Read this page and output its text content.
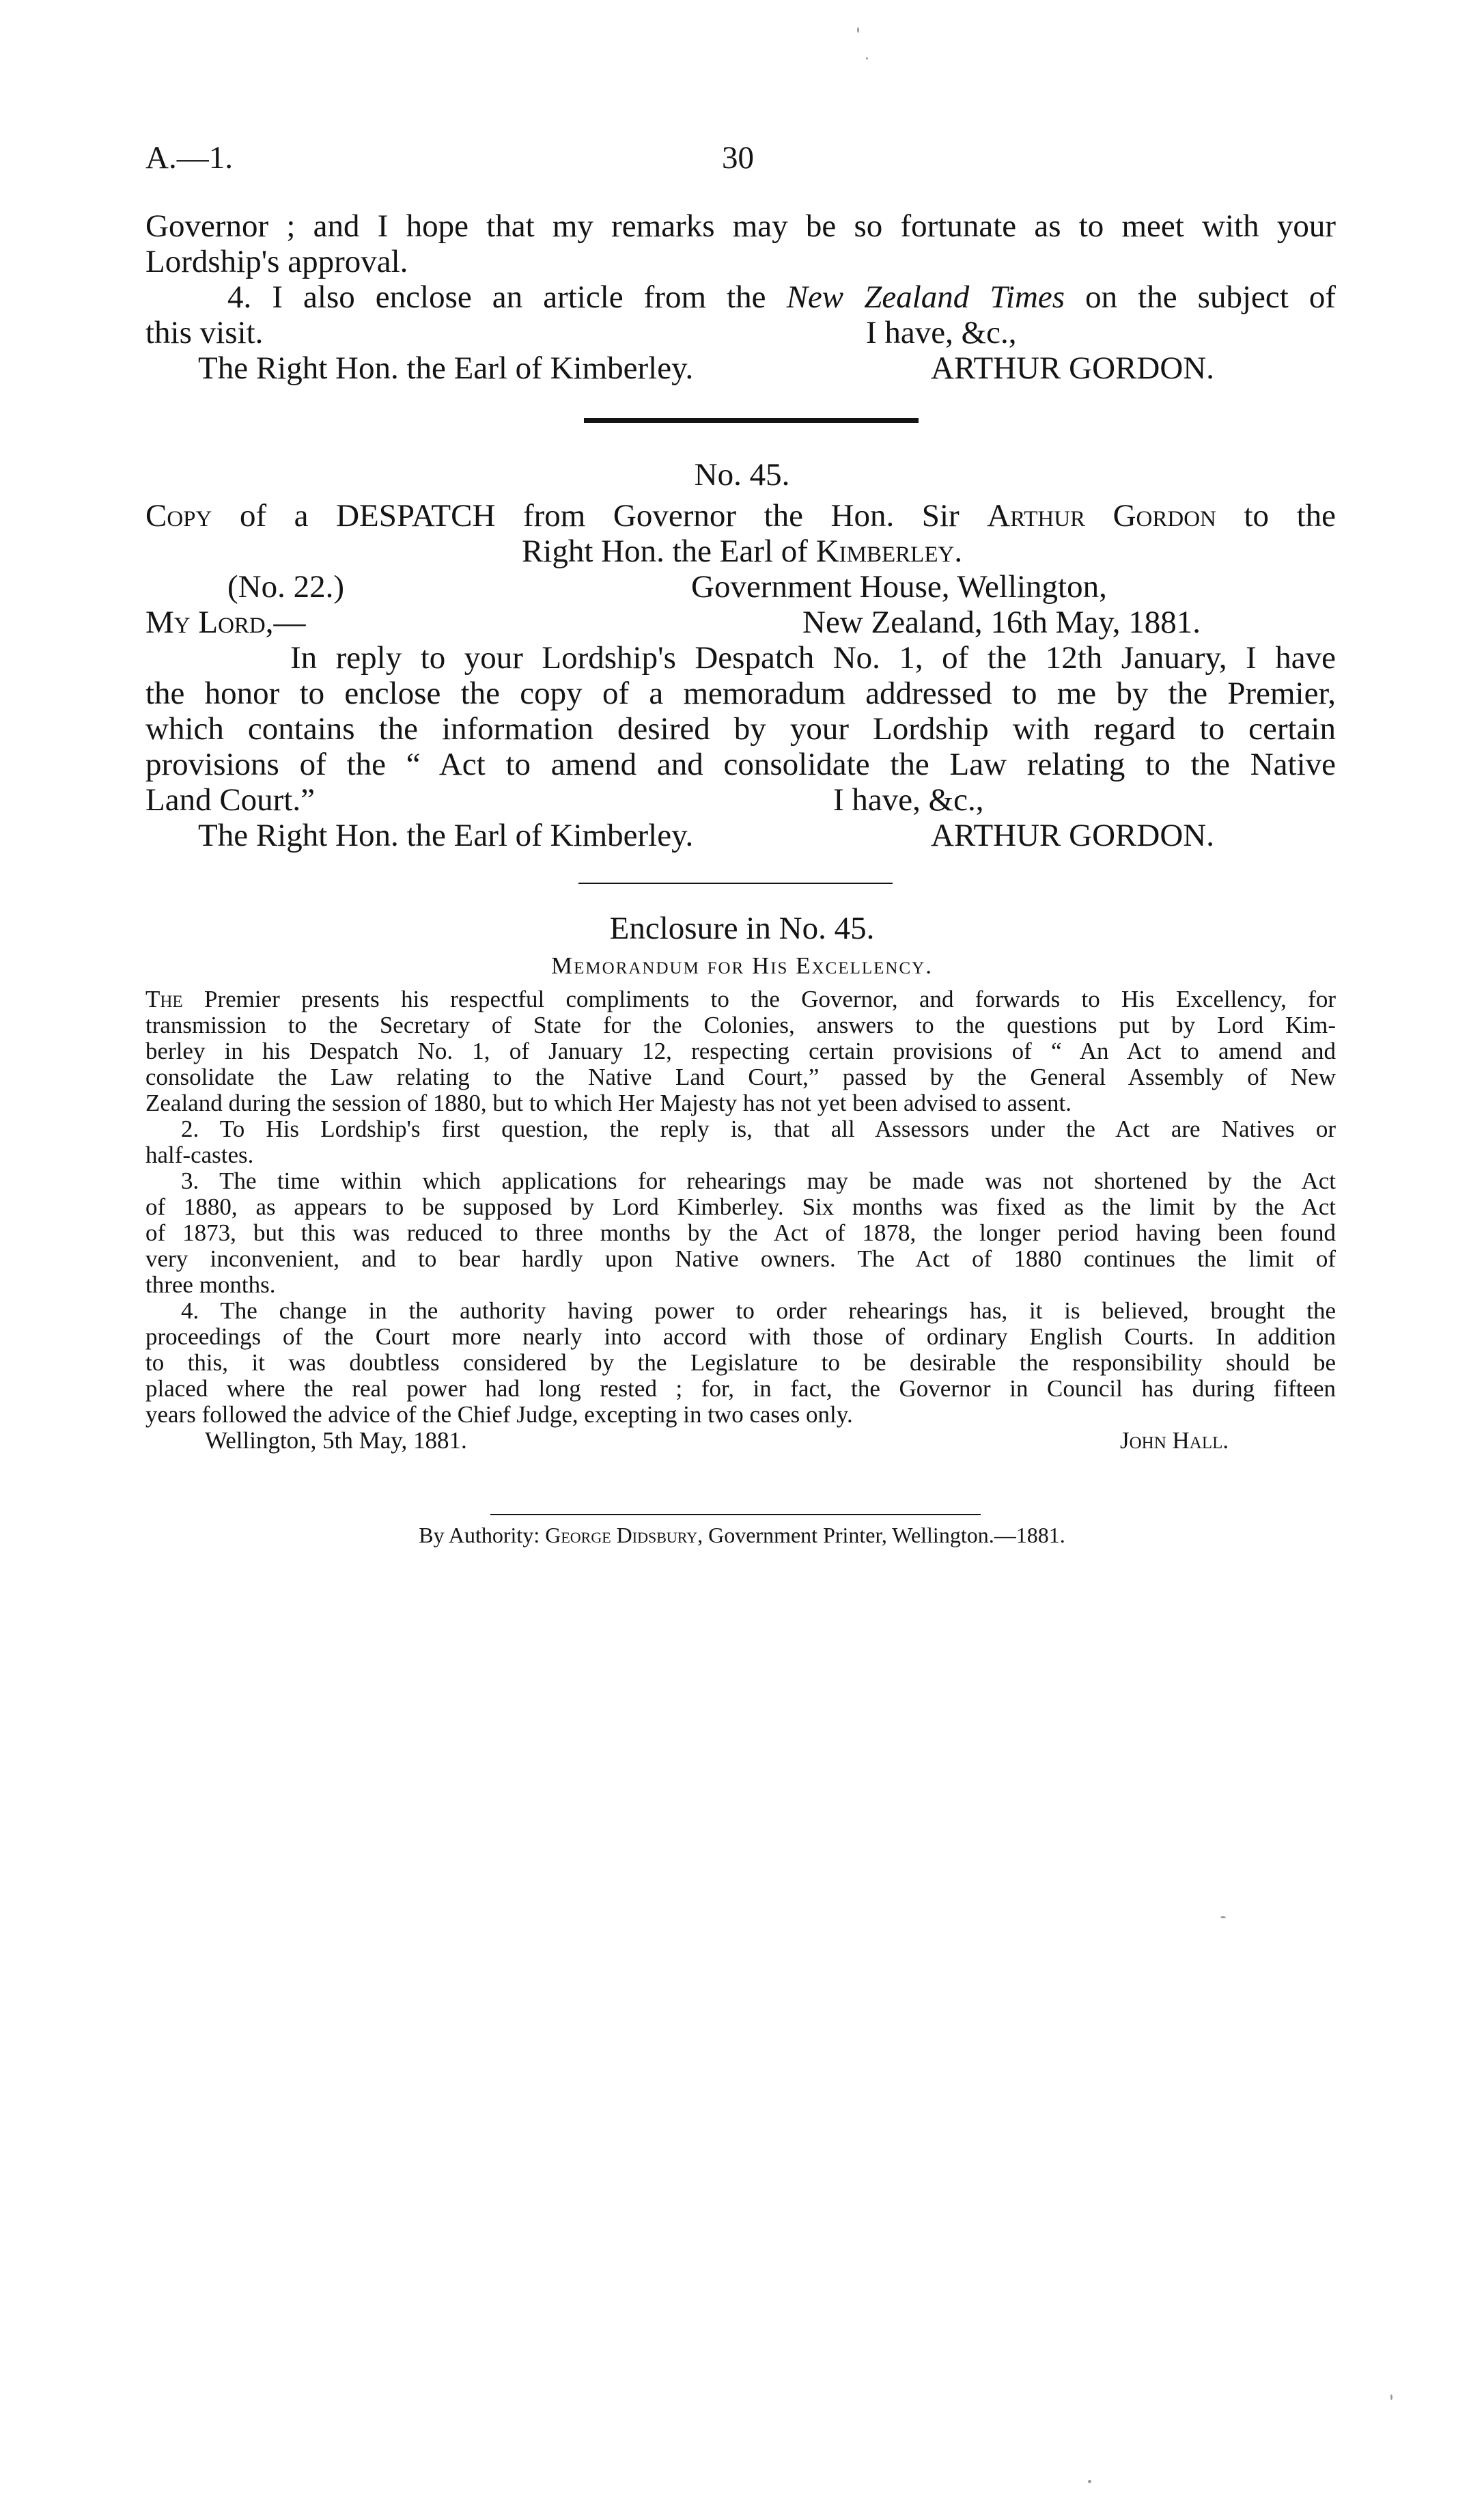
A.—1.	30
Governor ; and I hope that my remarks may be so fortunate as to meet with your
Lordship's approval.
4. I also enclose an article from the New Zealand Times on the subject of
this visit.	I have, &c.,
The Right Hon. the Earl of Kimberley.	ARTHUR GORDON.
No. 45.
Copy of a DESPATCH from Governor the Hon. Sir Arthur Gordon to the
Right Hon. the Earl of Kimberley.
(No. 22.)	Government House, Wellington,
My Lord,—	New Zealand, 16th May, 1881.
In reply to your Lordship's Despatch No. 1, of the 12th January, I have
the honor to enclose the copy of a memoradum addressed to me by the Premier,
which contains the information desired by your Lordship with regard to certain
provisions of the “ Act to amend and consolidate the Law relating to the Native
Land Court.”	I have, &c.,
The Right Hon. the Earl of Kimberley.	ARTHUR GORDON.
Enclosure in No. 45.
Memorandum for His Excellency.
The Premier presents his respectful compliments to the Governor, and forwards to His Excellency, for
transmission to the Secretary of State for the Colonies, answers to the questions put by Lord Kim-
berley in his Despatch No. 1, of January 12, respecting certain provisions of “ An Act to amend and
consolidate the Law relating to the Native Land Court,” passed by the General Assembly of New
Zealand during the session of 1880, but to which Her Majesty has not yet been advised to assent.
2. To His Lordship's first question, the reply is, that all Assessors under the Act are Natives or
half-castes.
3. The time within which applications for rehearings may be made was not shortened by the Act
of 1880, as appears to be supposed by Lord Kimberley. Six months was fixed as the limit by the Act
of 1873, but this was reduced to three months by the Act of 1878, the longer period having been found
very inconvenient, and to bear hardly upon Native owners. The Act of 1880 continues the limit of
three months.
4. The change in the authority having power to order rehearings has, it is believed, brought the
proceedings of the Court more nearly into accord with those of ordinary English Courts. In addition
to this, it was doubtless considered by the Legislature to be desirable the responsibility should be
placed where the real power had long rested ; for, in fact, the Governor in Council has during fifteen
years followed the advice of the Chief Judge, excepting in two cases only.
Wellington, 5th May, 1881.	John Hall.
By Authority: George Didsbury, Government Printer, Wellington.—1881.
